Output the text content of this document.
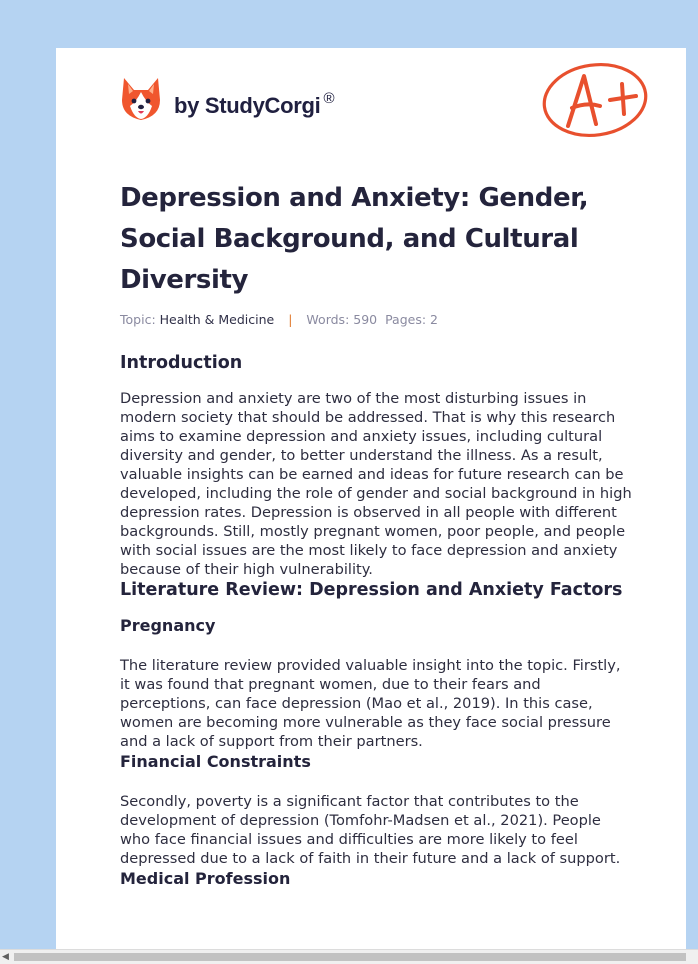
by StudyCorgi ®
Depression and Anxiety: Gender, Social Background, and Cultural Diversity
Topic: Health & Medicine | Words: 590 Pages: 2
Introduction

Depression and anxiety are two of the most disturbing issues in modern society that should be addressed. That is why this research aims to examine depression and anxiety issues, including cultural diversity and gender, to better understand the illness. As a result, valuable insights can be earned and ideas for future research can be developed, including the role of gender and social background in high depression rates. Depression is observed in all people with different backgrounds. Still, mostly pregnant women, poor people, and people with social issues are the most likely to face depression and anxiety because of their high vulnerability.

Literature Review: Depression and Anxiety Factors
Pregnancy

The literature review provided valuable insight into the topic. Firstly, it was found that pregnant women, due to their fears and perceptions, can face depression (Mao et al., 2019). In this case, women are becoming more vulnerable as they face social pressure and a lack of support from their partners.

Financial Constraints

Secondly, poverty is a significant factor that contributes to the development of depression (Tomfohr-Madsen et al., 2021). People who face financial issues and difficulties are more likely to feel depressed due to a lack of faith in their future and a lack of support.

Medical Profession
◀
